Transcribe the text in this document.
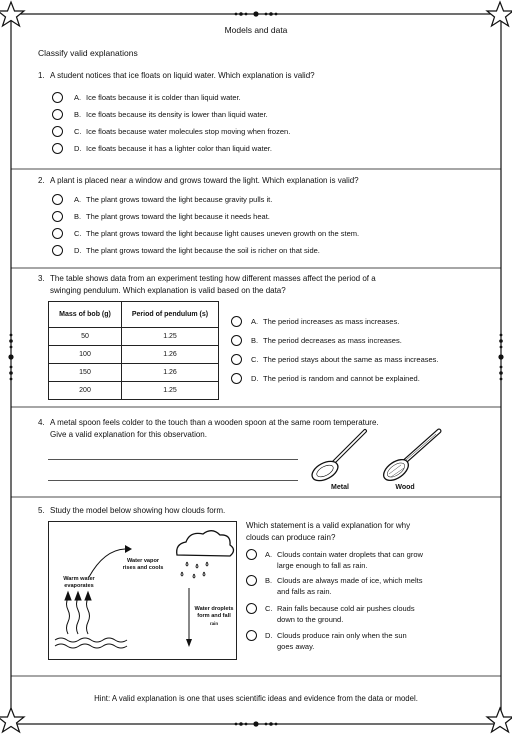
Models and data
Classify valid explanations
1. A student notices that ice floats on liquid water. Which explanation is valid?
A. Ice floats because it is colder than liquid water.
B. Ice floats because its density is lower than liquid water.
C. Ice floats because water molecules stop moving when frozen.
D. Ice floats because it has a lighter color than liquid water.
2. A plant is placed near a window and grows toward the light. Which explanation is valid?
A. The plant grows toward the light because gravity pulls it.
B. The plant grows toward the light because it needs heat.
C. The plant grows toward the light because light causes uneven growth on the stem.
D. The plant grows toward the light because the soil is richer on that side.
3. The table shows data from an experiment testing how different masses affect the period of a
swinging pendulum. Which explanation is valid based on the data?
Mass of bob (g)	Period of pendulum (s)
50	1.25
100	1.26
150	1.26
200	1.25
A. The period increases as mass increases.
B. The period decreases as mass increases.
C. The period stays about the same as mass increases.
D. The period is random and cannot be explained.
4. A metal spoon feels colder to the touch than a wooden spoon at the same room temperature.
Give a valid explanation for this observation.
Metal	Wood
5. Study the model below showing how clouds form.
Water vapor
rises and cools
Warm water
evaporates
Water droplets
form and fall
rain
Which statement is a valid explanation for why
clouds can produce rain?
A. Clouds contain water droplets that can grow
large enough to fall as rain.
B. Clouds are always made of ice, which melts
and falls as rain.
C. Rain falls because cold air pushes clouds
down to the ground.
D. Clouds produce rain only when the sun
goes away.
Hint: A valid explanation is one that uses scientific ideas and evidence from the data or model.
